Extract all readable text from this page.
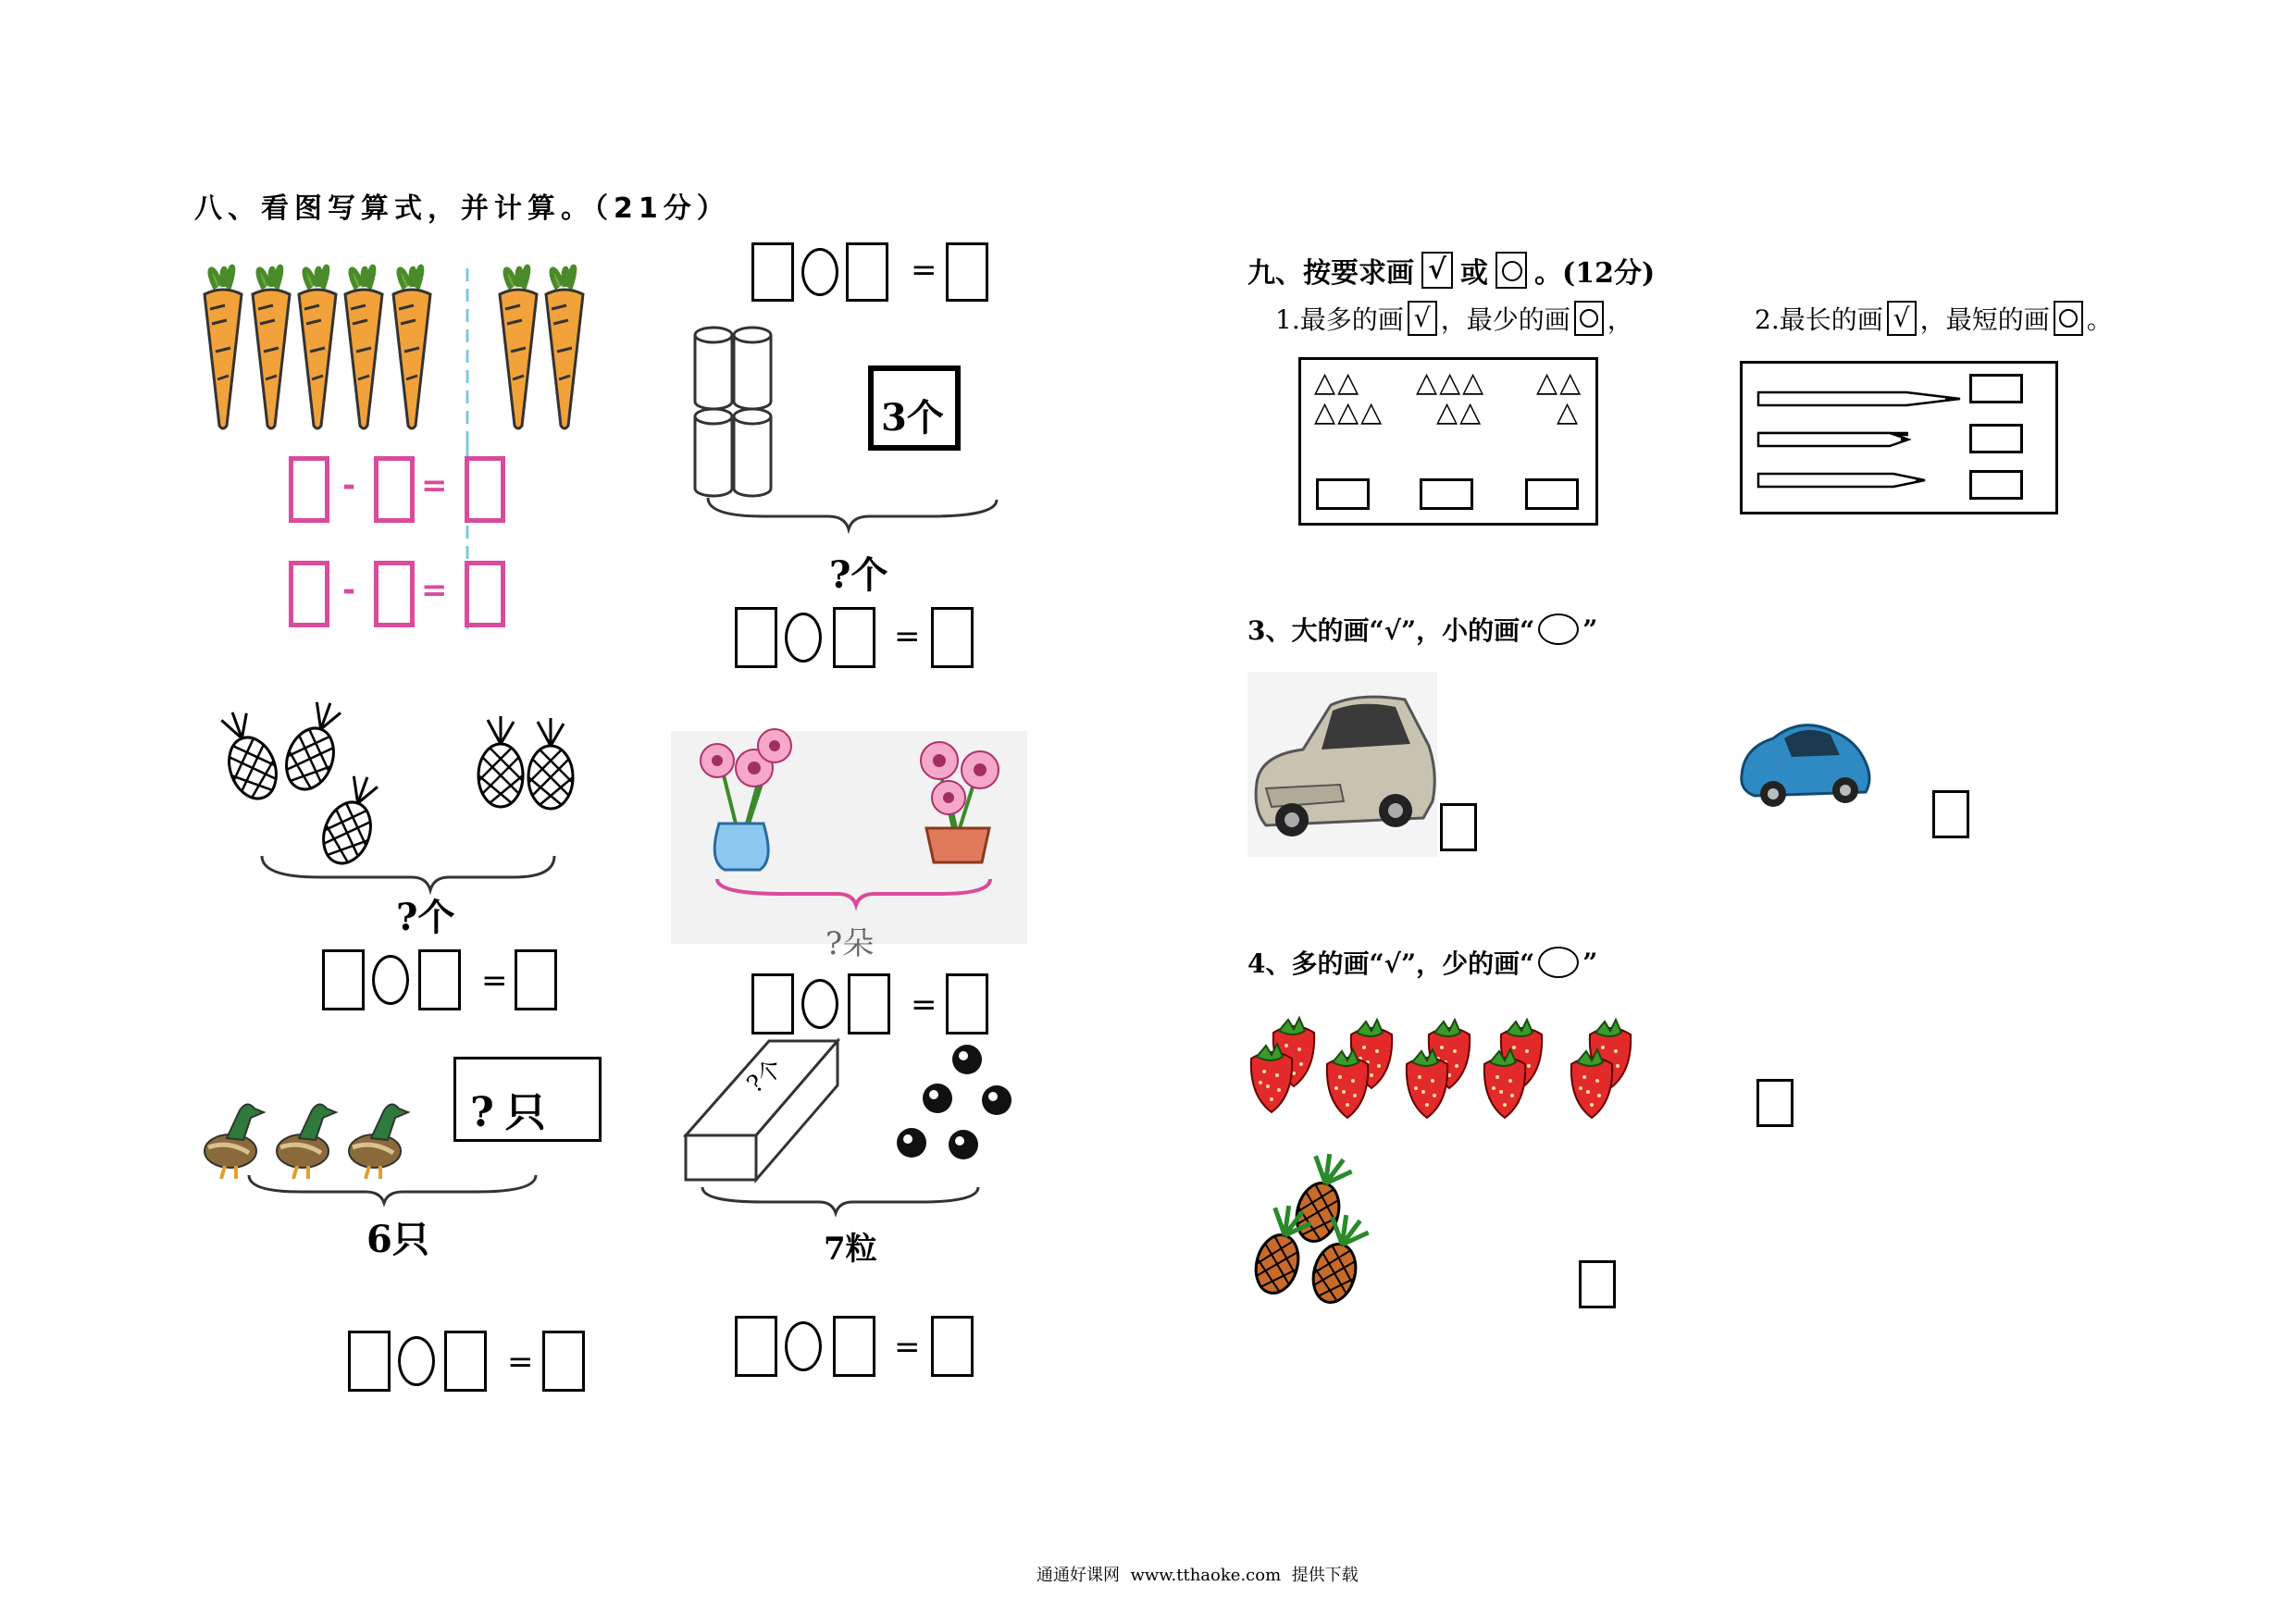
八、看图写算式，并计算。（21分）
- =
- =
=
3个
?个
=
?个
=
?朵
=
?只
6只
=
?个
7粒
=
九、按要求画 √ 或 。(12分)
1.最多的画 √ ，最少的画 ，
△△ △△△ △△
△△△ △△	△
2.最长的画 √ ，最短的画 。
3、大的画“√”，小的画“ ”
4、多的画“√”，少的画“ ”
通通好课网  www.tthaoke.com  提供下载
